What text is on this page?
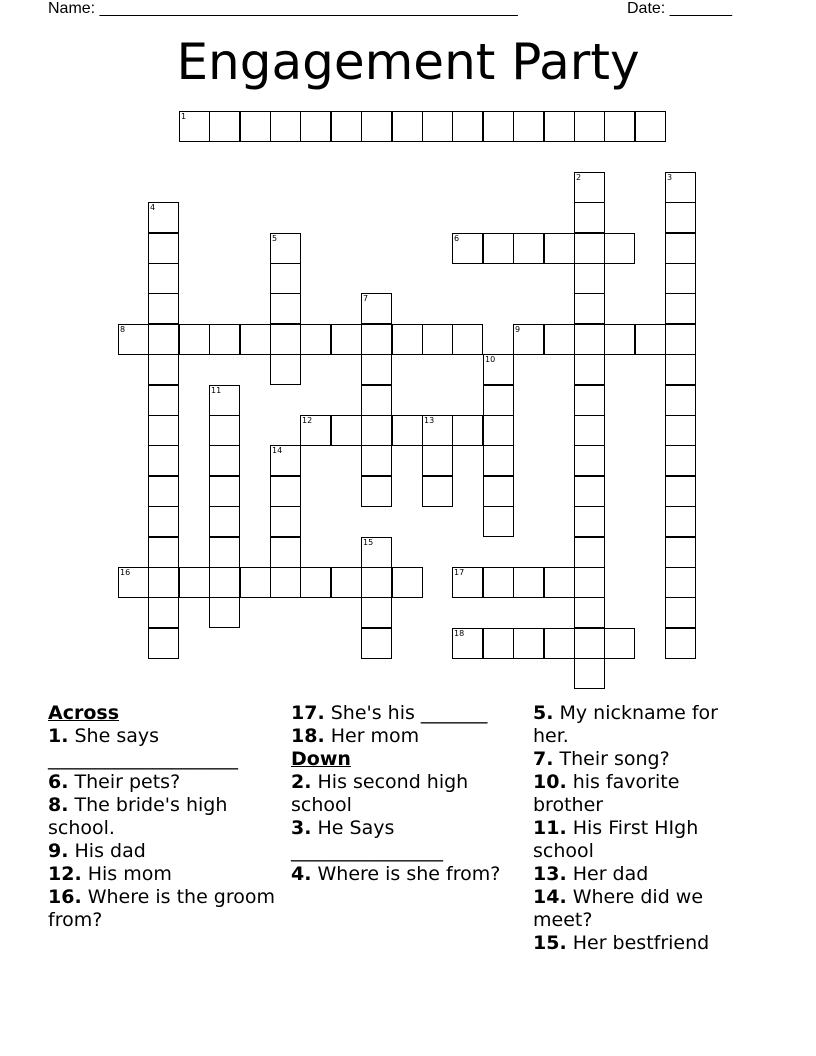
Name: _______________________________________________	Date: _______
Engagement Party
1
2	3
4
5	6
7
8	9
10
11
12	13
14
15
16	17
18
Across
1. She says ____________________
6. Their pets?
8. The bride's high school.
9. His dad
12. His mom
16. Where is the groom from?
17. She's his _______
18. Her mom
Down
2. His second high school
3. He Says ________________
4. Where is she from?
5. My nickname for her.
7. Their song?
10. his favorite brother
11. His First HIgh school
13. Her dad
14. Where did we meet?
15. Her bestfriend
